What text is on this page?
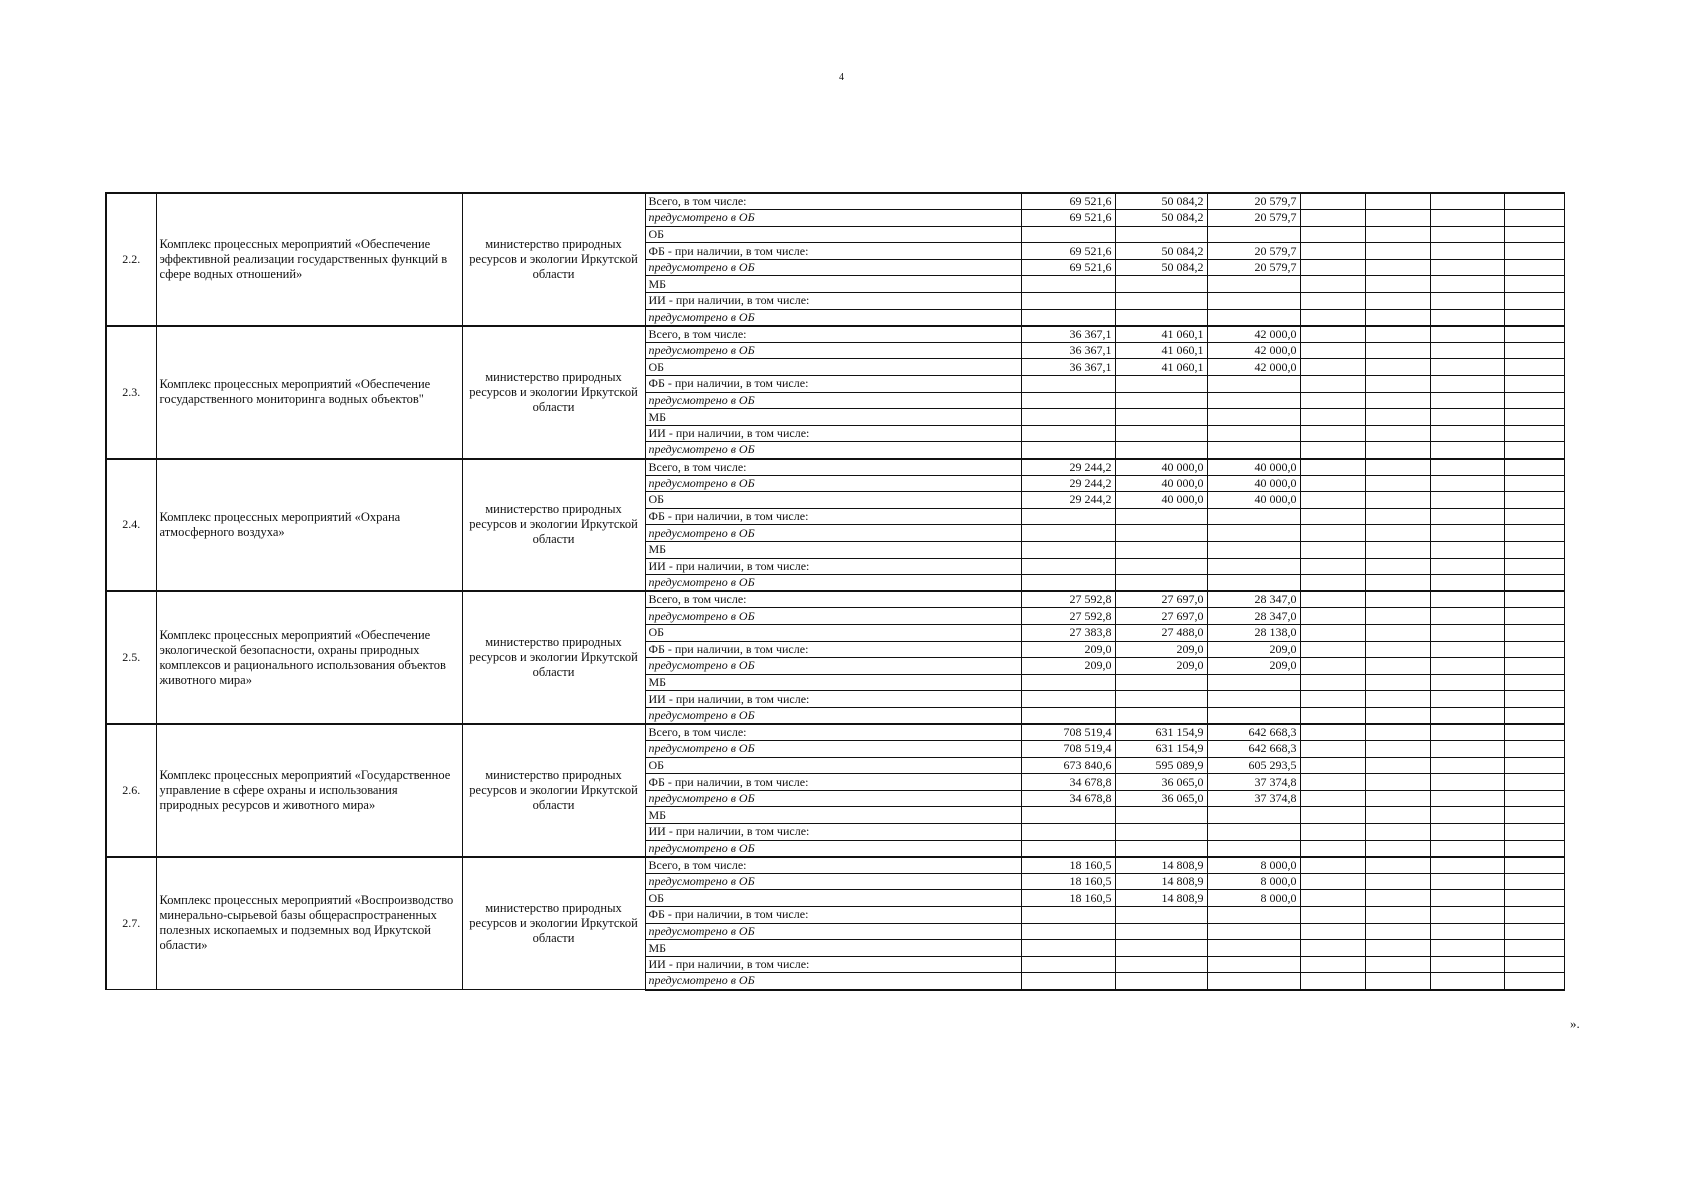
4
2.2.	Комплекс процессных мероприятий «Обеспечение эффективной реализации государственных функций в сфере водных отношений»	министерство природных ресурсов и экологии Иркутской области	Всего, в том числе:	69 521,6	50 084,2	20 579,7				
			предусмотрено в ОБ	69 521,6	50 084,2	20 579,7				
			ОБ							
			ФБ - при наличии, в том числе:	69 521,6	50 084,2	20 579,7				
			предусмотрено в ОБ	69 521,6	50 084,2	20 579,7				
			МБ							
			ИИ - при наличии, в том числе:							
			предусмотрено в ОБ							
2.3.	Комплекс процессных мероприятий «Обеспечение государственного мониторинга водных объектов"	министерство природных ресурсов и экологии Иркутской области	Всего, в том числе:	36 367,1	41 060,1	42 000,0				
			предусмотрено в ОБ	36 367,1	41 060,1	42 000,0				
			ОБ	36 367,1	41 060,1	42 000,0				
			ФБ - при наличии, в том числе:							
			предусмотрено в ОБ							
			МБ							
			ИИ - при наличии, в том числе:							
			предусмотрено в ОБ							
2.4.	Комплекс процессных мероприятий «Охрана атмосферного воздуха»	министерство природных ресурсов и экологии Иркутской области	Всего, в том числе:	29 244,2	40 000,0	40 000,0				
			предусмотрено в ОБ	29 244,2	40 000,0	40 000,0				
			ОБ	29 244,2	40 000,0	40 000,0				
			ФБ - при наличии, в том числе:							
			предусмотрено в ОБ							
			МБ							
			ИИ - при наличии, в том числе:							
			предусмотрено в ОБ							
2.5.	Комплекс процессных мероприятий «Обеспечение экологической безопасности, охраны природных комплексов и рационального использования объектов животного мира»	министерство природных ресурсов и экологии Иркутской области	Всего, в том числе:	27 592,8	27 697,0	28 347,0				
			предусмотрено в ОБ	27 592,8	27 697,0	28 347,0				
			ОБ	27 383,8	27 488,0	28 138,0				
			ФБ - при наличии, в том числе:	209,0	209,0	209,0				
			предусмотрено в ОБ	209,0	209,0	209,0				
			МБ							
			ИИ - при наличии, в том числе:							
			предусмотрено в ОБ							
2.6.	Комплекс процессных мероприятий «Государственное управление в сфере охраны и использования природных ресурсов и животного мира»	министерство природных ресурсов и экологии Иркутской области	Всего, в том числе:	708 519,4	631 154,9	642 668,3				
			предусмотрено в ОБ	708 519,4	631 154,9	642 668,3				
			ОБ	673 840,6	595 089,9	605 293,5				
			ФБ - при наличии, в том числе:	34 678,8	36 065,0	37 374,8				
			предусмотрено в ОБ	34 678,8	36 065,0	37 374,8				
			МБ							
			ИИ - при наличии, в том числе:							
			предусмотрено в ОБ							
2.7.	Комплекс процессных мероприятий «Воспроизводство минерально-сырьевой базы общераспространенных полезных ископаемых и подземных вод Иркутской области»	министерство природных ресурсов и экологии Иркутской области	Всего, в том числе:	18 160,5	14 808,9	8 000,0				
			предусмотрено в ОБ	18 160,5	14 808,9	8 000,0				
			ОБ	18 160,5	14 808,9	8 000,0				
			ФБ - при наличии, в том числе:							
			предусмотрено в ОБ							
			МБ							
			ИИ - при наличии, в том числе:							
			предусмотрено в ОБ							
».
